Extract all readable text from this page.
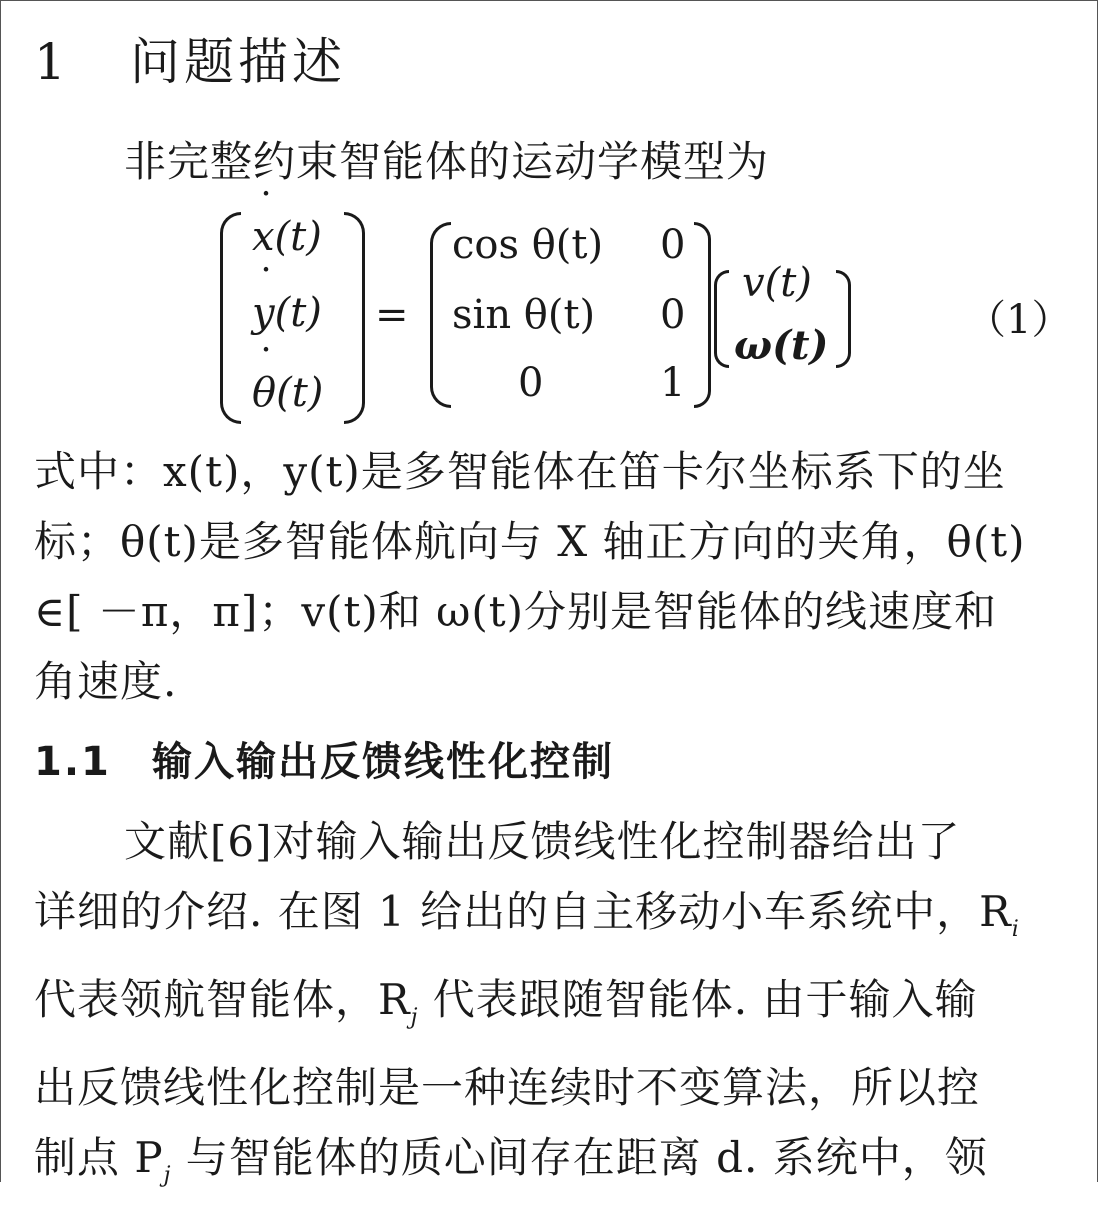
1 问题描述

非完整约束智能体的运动学模型为

˙ x(t)
˙ y(t)
˙ θ(t)
=
cos θ(t) 0
sin θ(t) 0
0	1
v(t)
ω(t)
（1）
式中：x(t)，y(t)是多智能体在笛卡尔坐标系下的坐
标；θ(t)是多智能体航向与 X 轴正方向的夹角，θ(t)
∈[ －π，π]；v(t)和 ω(t)分别是智能体的线速度和
角速度.
1.1 输入输出反馈线性化控制
文献[6]对输入输出反馈线性化控制器给出了
详细的介绍. 在图 1 给出的自主移动小车系统中，$R_i$
代表领航智能体，$R_j$ 代表跟随智能体. 由于输入输
出反馈线性化控制是一种连续时不变算法，所以控
制点 $P_j$ 与智能体的质心间存在距离 d. 系统中，领
